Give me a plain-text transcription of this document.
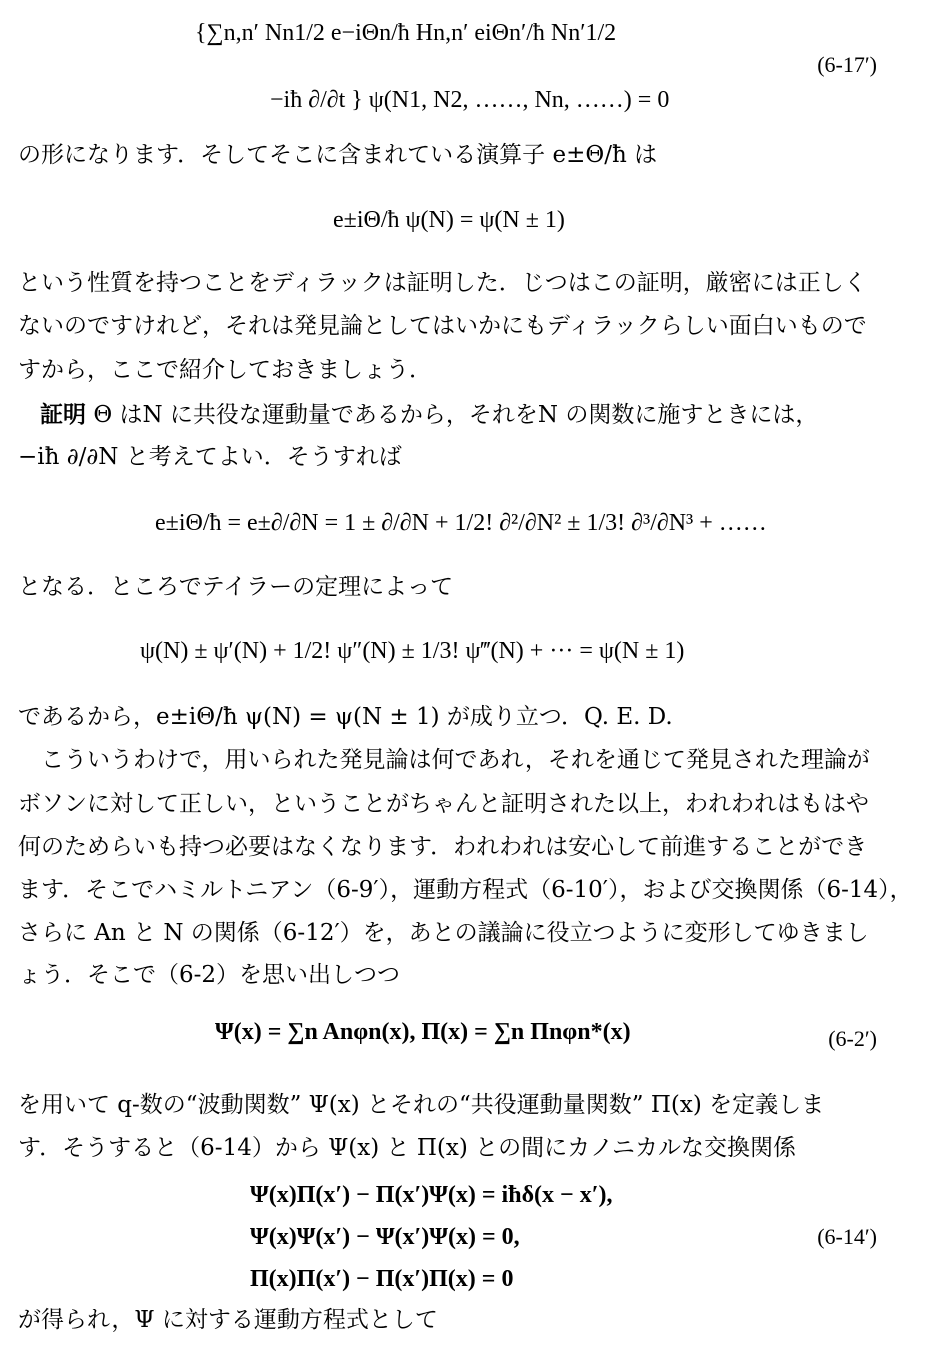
{∑n,n′ Nn1/2 e−iΘn/ħ Hn,n′ eiΘn′/ħ Nn′1/2
(6-17′)
−iħ ∂/∂t } ψ(N1, N2, ……, Nn, ……) = 0
の形になります．そしてそこに含まれている演算子 e±Θ/ħ は
e±iΘ/ħ ψ(N) = ψ(N ± 1)
という性質を持つことをディラックは証明した．じつはこの証明，厳密には正しく
ないのですけれど，それは発見論としてはいかにもディラックらしい面白いもので
すから，ここで紹介しておきましょう．
証明 Θ はN に共役な運動量であるから，それをN の関数に施すときには，
−iħ ∂/∂N と考えてよい．そうすれば
e±iΘ/ħ = e±∂/∂N = 1 ± ∂/∂N + 1/2! ∂²/∂N² ± 1/3! ∂³/∂N³ + ……
となる．ところでテイラーの定理によって
ψ(N) ± ψ′(N) + 1/2! ψ″(N) ± 1/3! ψ‴(N) + ··· = ψ(N ± 1)
であるから，e±iΘ/ħ ψ(N) = ψ(N ± 1) が成り立つ．Q. E. D.
　こういうわけで，用いられた発見論は何であれ，それを通じて発見された理論が
ボソンに対して正しい，ということがちゃんと証明された以上，われわれはもはや
何のためらいも持つ必要はなくなります．われわれは安心して前進することができ
ます．そこでハミルトニアン（6-9′），運動方程式（6-10′），および交換関係（6-14），
さらに An と N の関係（6-12′）を，あとの議論に役立つように変形してゆきまし
ょう．そこで（6-2）を思い出しつつ
Ψ(x) = ∑n Anφn(x), Π(x) = ∑n Πnφn*(x)	(6-2′)
を用いて q-数の“波動関数” Ψ(x) とそれの“共役運動量関数” Π(x) を定義しま
す．そうすると（6-14）から Ψ(x) と Π(x) との間にカノニカルな交換関係
Ψ(x)Π(x′) − Π(x′)Ψ(x) = iħδ(x − x′),
Ψ(x)Ψ(x′) − Ψ(x′)Ψ(x) = 0,	(6-14′)
Π(x)Π(x′) − Π(x′)Π(x) = 0
が得られ，Ψ に対する運動方程式として
